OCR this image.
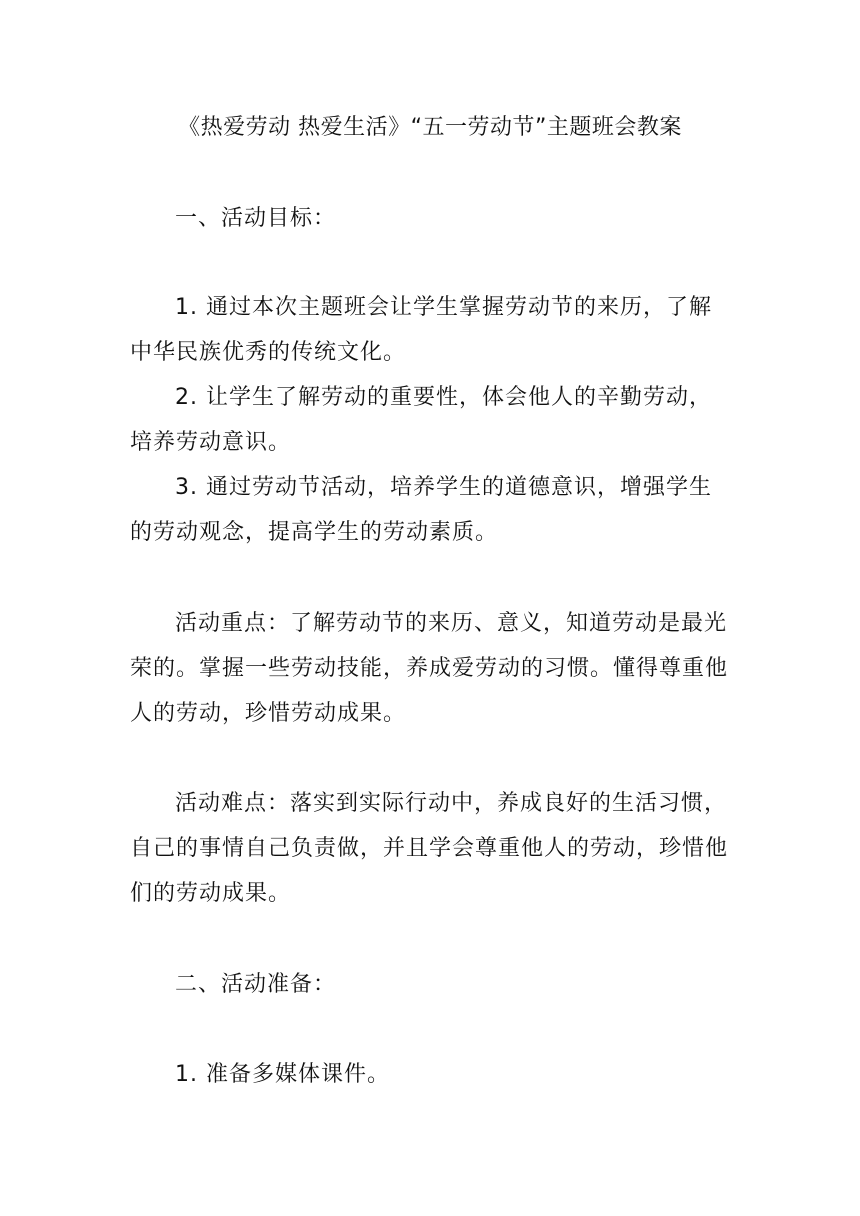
《热爱劳动 热爱生活》“五一劳动节”主题班会教案
一、活动目标：

1. 通过本次主题班会让学生掌握劳动节的来历，了解中华民族优秀的传统文化。

2. 让学生了解劳动的重要性，体会他人的辛勤劳动，培养劳动意识。

3. 通过劳动节活动，培养学生的道德意识，增强学生的劳动观念，提高学生的劳动素质。

活动重点：了解劳动节的来历、意义，知道劳动是最光荣的。掌握一些劳动技能，养成爱劳动的习惯。懂得尊重他人的劳动，珍惜劳动成果。

活动难点：落实到实际行动中，养成良好的生活习惯，自己的事情自己负责做，并且学会尊重他人的劳动，珍惜他们的劳动成果。

二、活动准备：

1. 准备多媒体课件。
